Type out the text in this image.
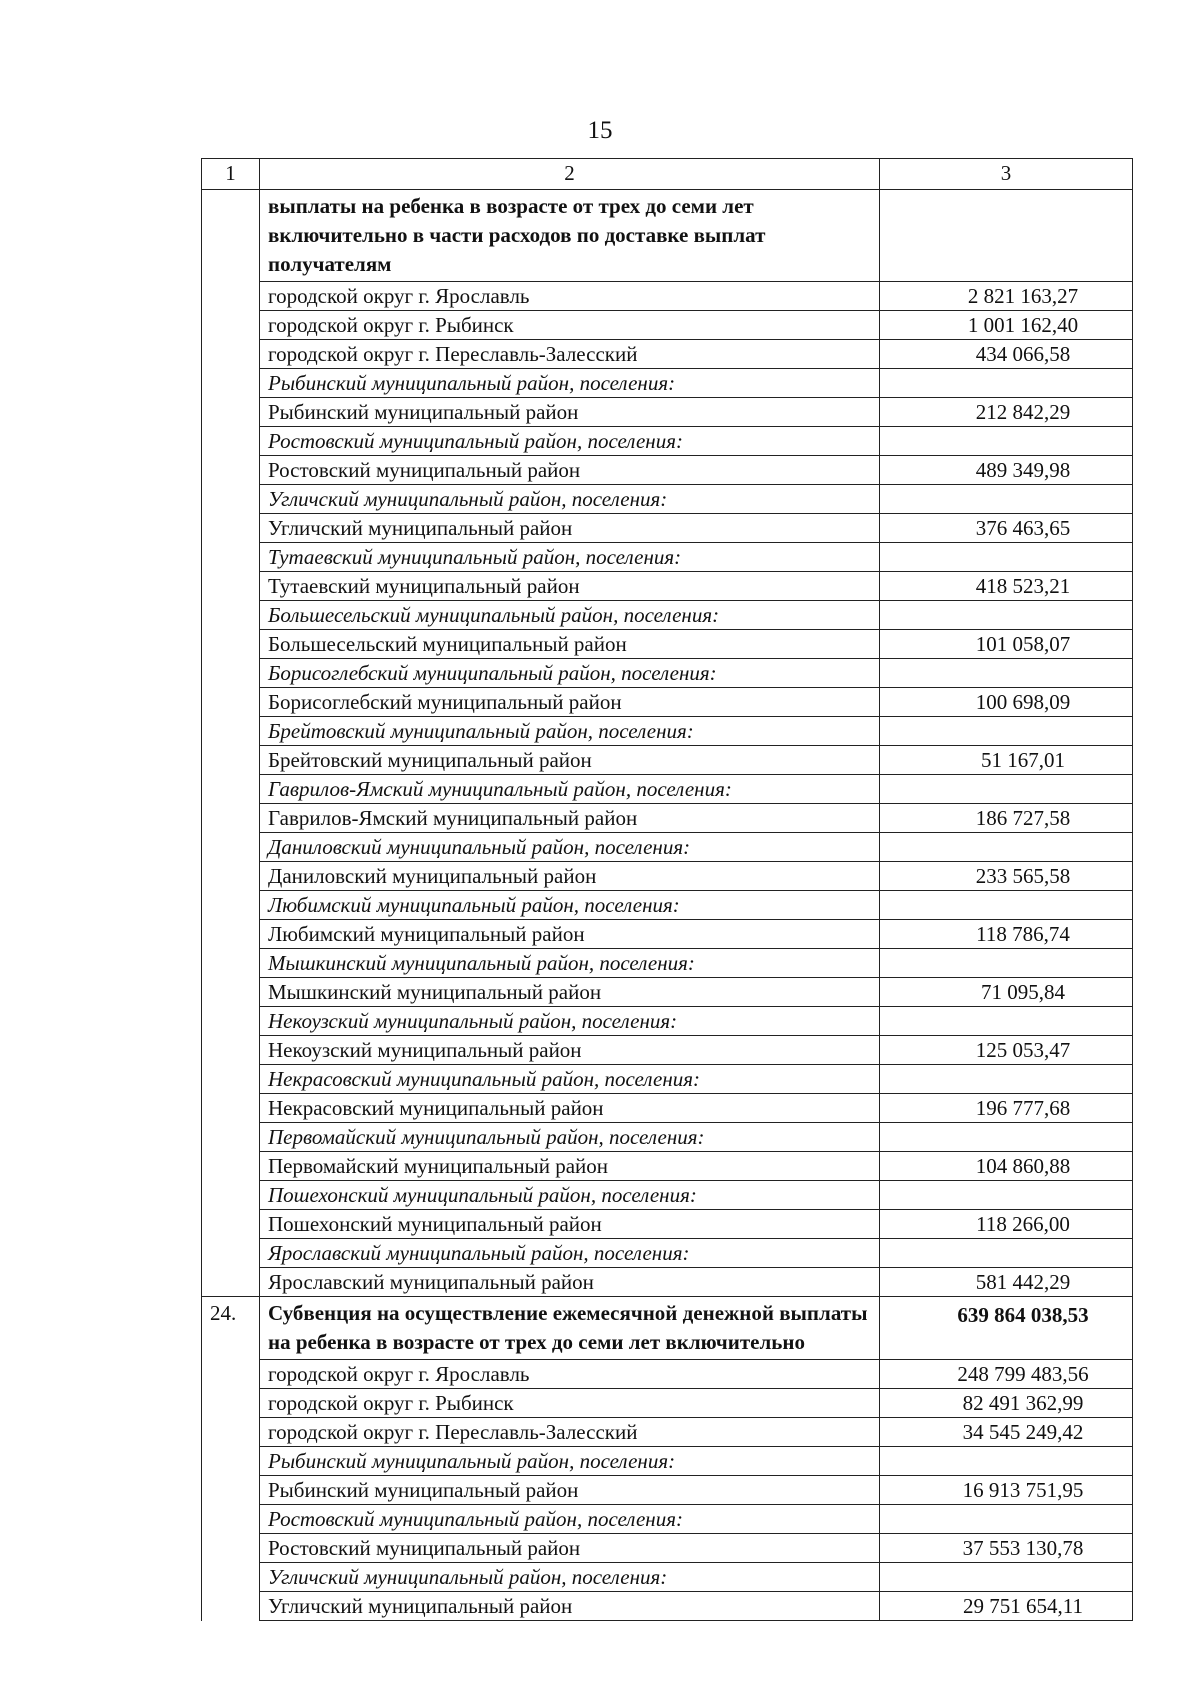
15
1	2	3
	выплаты на ребенка в возрасте от трех до семи лет включительно в части расходов по доставке выплат получателям	
	городской округ г. Ярославль	2 821 163,27
	городской округ г. Рыбинск	1 001 162,40
	городской округ г. Переславль-Залесский	434 066,58
	Рыбинский муниципальный район, поселения:	
	Рыбинский муниципальный район	212 842,29
	Ростовский муниципальный район, поселения:	
	Ростовский муниципальный район	489 349,98
	Угличский муниципальный район, поселения:	
	Угличский муниципальный район	376 463,65
	Тутаевский муниципальный район, поселения:	
	Тутаевский муниципальный район	418 523,21
	Большесельский муниципальный район, поселения:	
	Большесельский муниципальный район	101 058,07
	Борисоглебский муниципальный район, поселения:	
	Борисоглебский муниципальный район	100 698,09
	Брейтовский муниципальный район, поселения:	
	Брейтовский муниципальный район	51 167,01
	Гаврилов-Ямский муниципальный район, поселения:	
	Гаврилов-Ямский муниципальный район	186 727,58
	Даниловский муниципальный район, поселения:	
	Даниловский муниципальный район	233 565,58
	Любимский муниципальный район, поселения:	
	Любимский муниципальный район	118 786,74
	Мышкинский муниципальный район, поселения:	
	Мышкинский муниципальный район	71 095,84
	Некоузский муниципальный район, поселения:	
	Некоузский муниципальный район	125 053,47
	Некрасовский муниципальный район, поселения:	
	Некрасовский муниципальный район	196 777,68
	Первомайский муниципальный район, поселения:	
	Первомайский муниципальный район	104 860,88
	Пошехонский муниципальный район, поселения:	
	Пошехонский муниципальный район	118 266,00
	Ярославский муниципальный район, поселения:	
	Ярославский муниципальный район	581 442,29
24.	Субвенция на осуществление ежемесячной денежной выплаты на ребенка в возрасте от трех до семи лет включительно	639 864 038,53
	городской округ г. Ярославль	248 799 483,56
	городской округ г. Рыбинск	82 491 362,99
	городской округ г. Переславль-Залесский	34 545 249,42
	Рыбинский муниципальный район, поселения:	
	Рыбинский муниципальный район	16 913 751,95
	Ростовский муниципальный район, поселения:	
	Ростовский муниципальный район	37 553 130,78
	Угличский муниципальный район, поселения:	
	Угличский муниципальный район	29 751 654,11
